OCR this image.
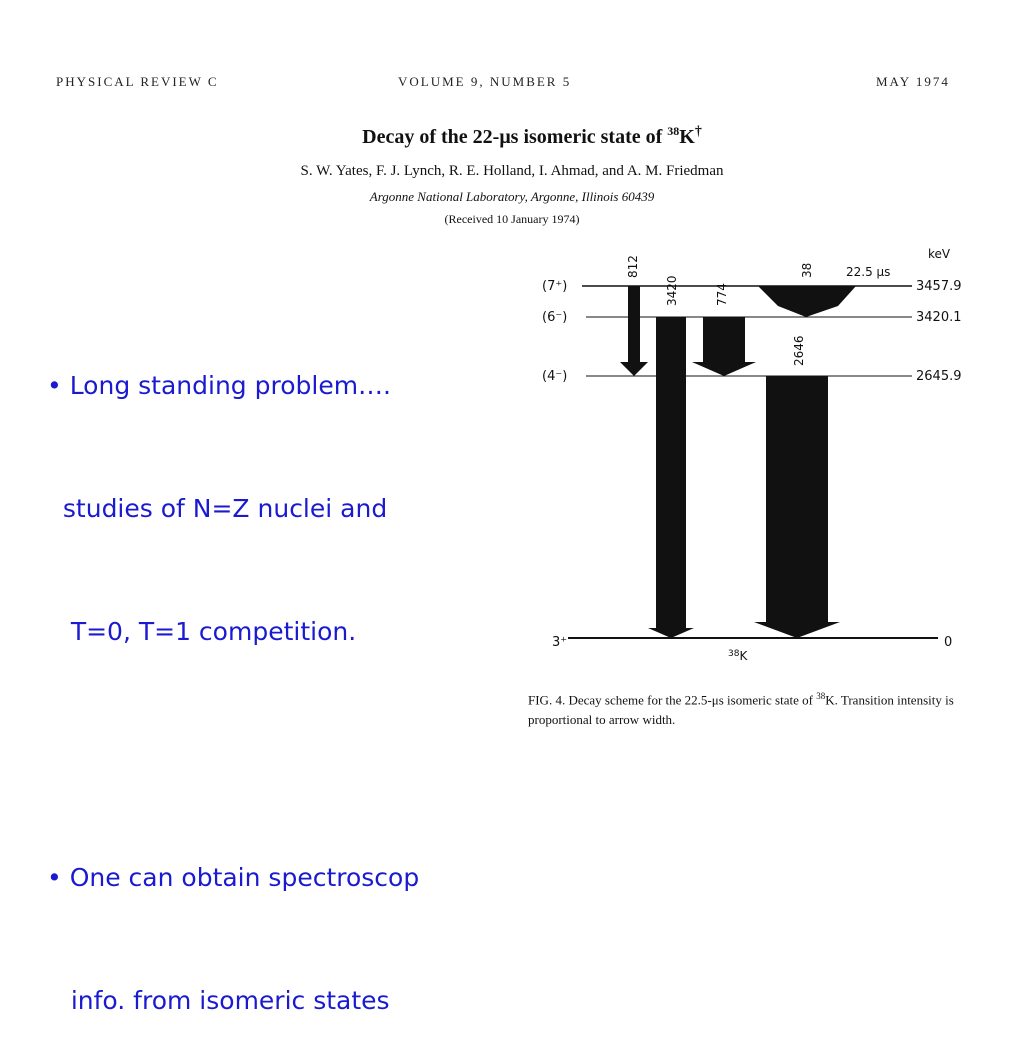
PHYSICAL REVIEW C	VOLUME 9, NUMBER 5	MAY 1974
Decay of the 22-μs isomeric state of $^{38}$K†
S. W. Yates, F. J. Lynch, R. E. Holland, I. Ahmad, and A. M. Friedman
Argonne National Laboratory, Argonne, Illinois 60439
(Received 10 January 1974)

• Long standing problem….

studies of N=Z nuclei and

T=0, T=1 competition.

• One can obtain spectroscop

info. from isomeric states

keV
(7⁺)
(6⁻)
(4⁻)
3⁺
3457.9
3420.1
2645.9
0
22.5 μs
812
3420	774
38
2646
$^{38}$K
FIG. 4. Decay scheme for the 22.5-μs isomeric state of $^{38}$K. Transition intensity is proportional to arrow width.
